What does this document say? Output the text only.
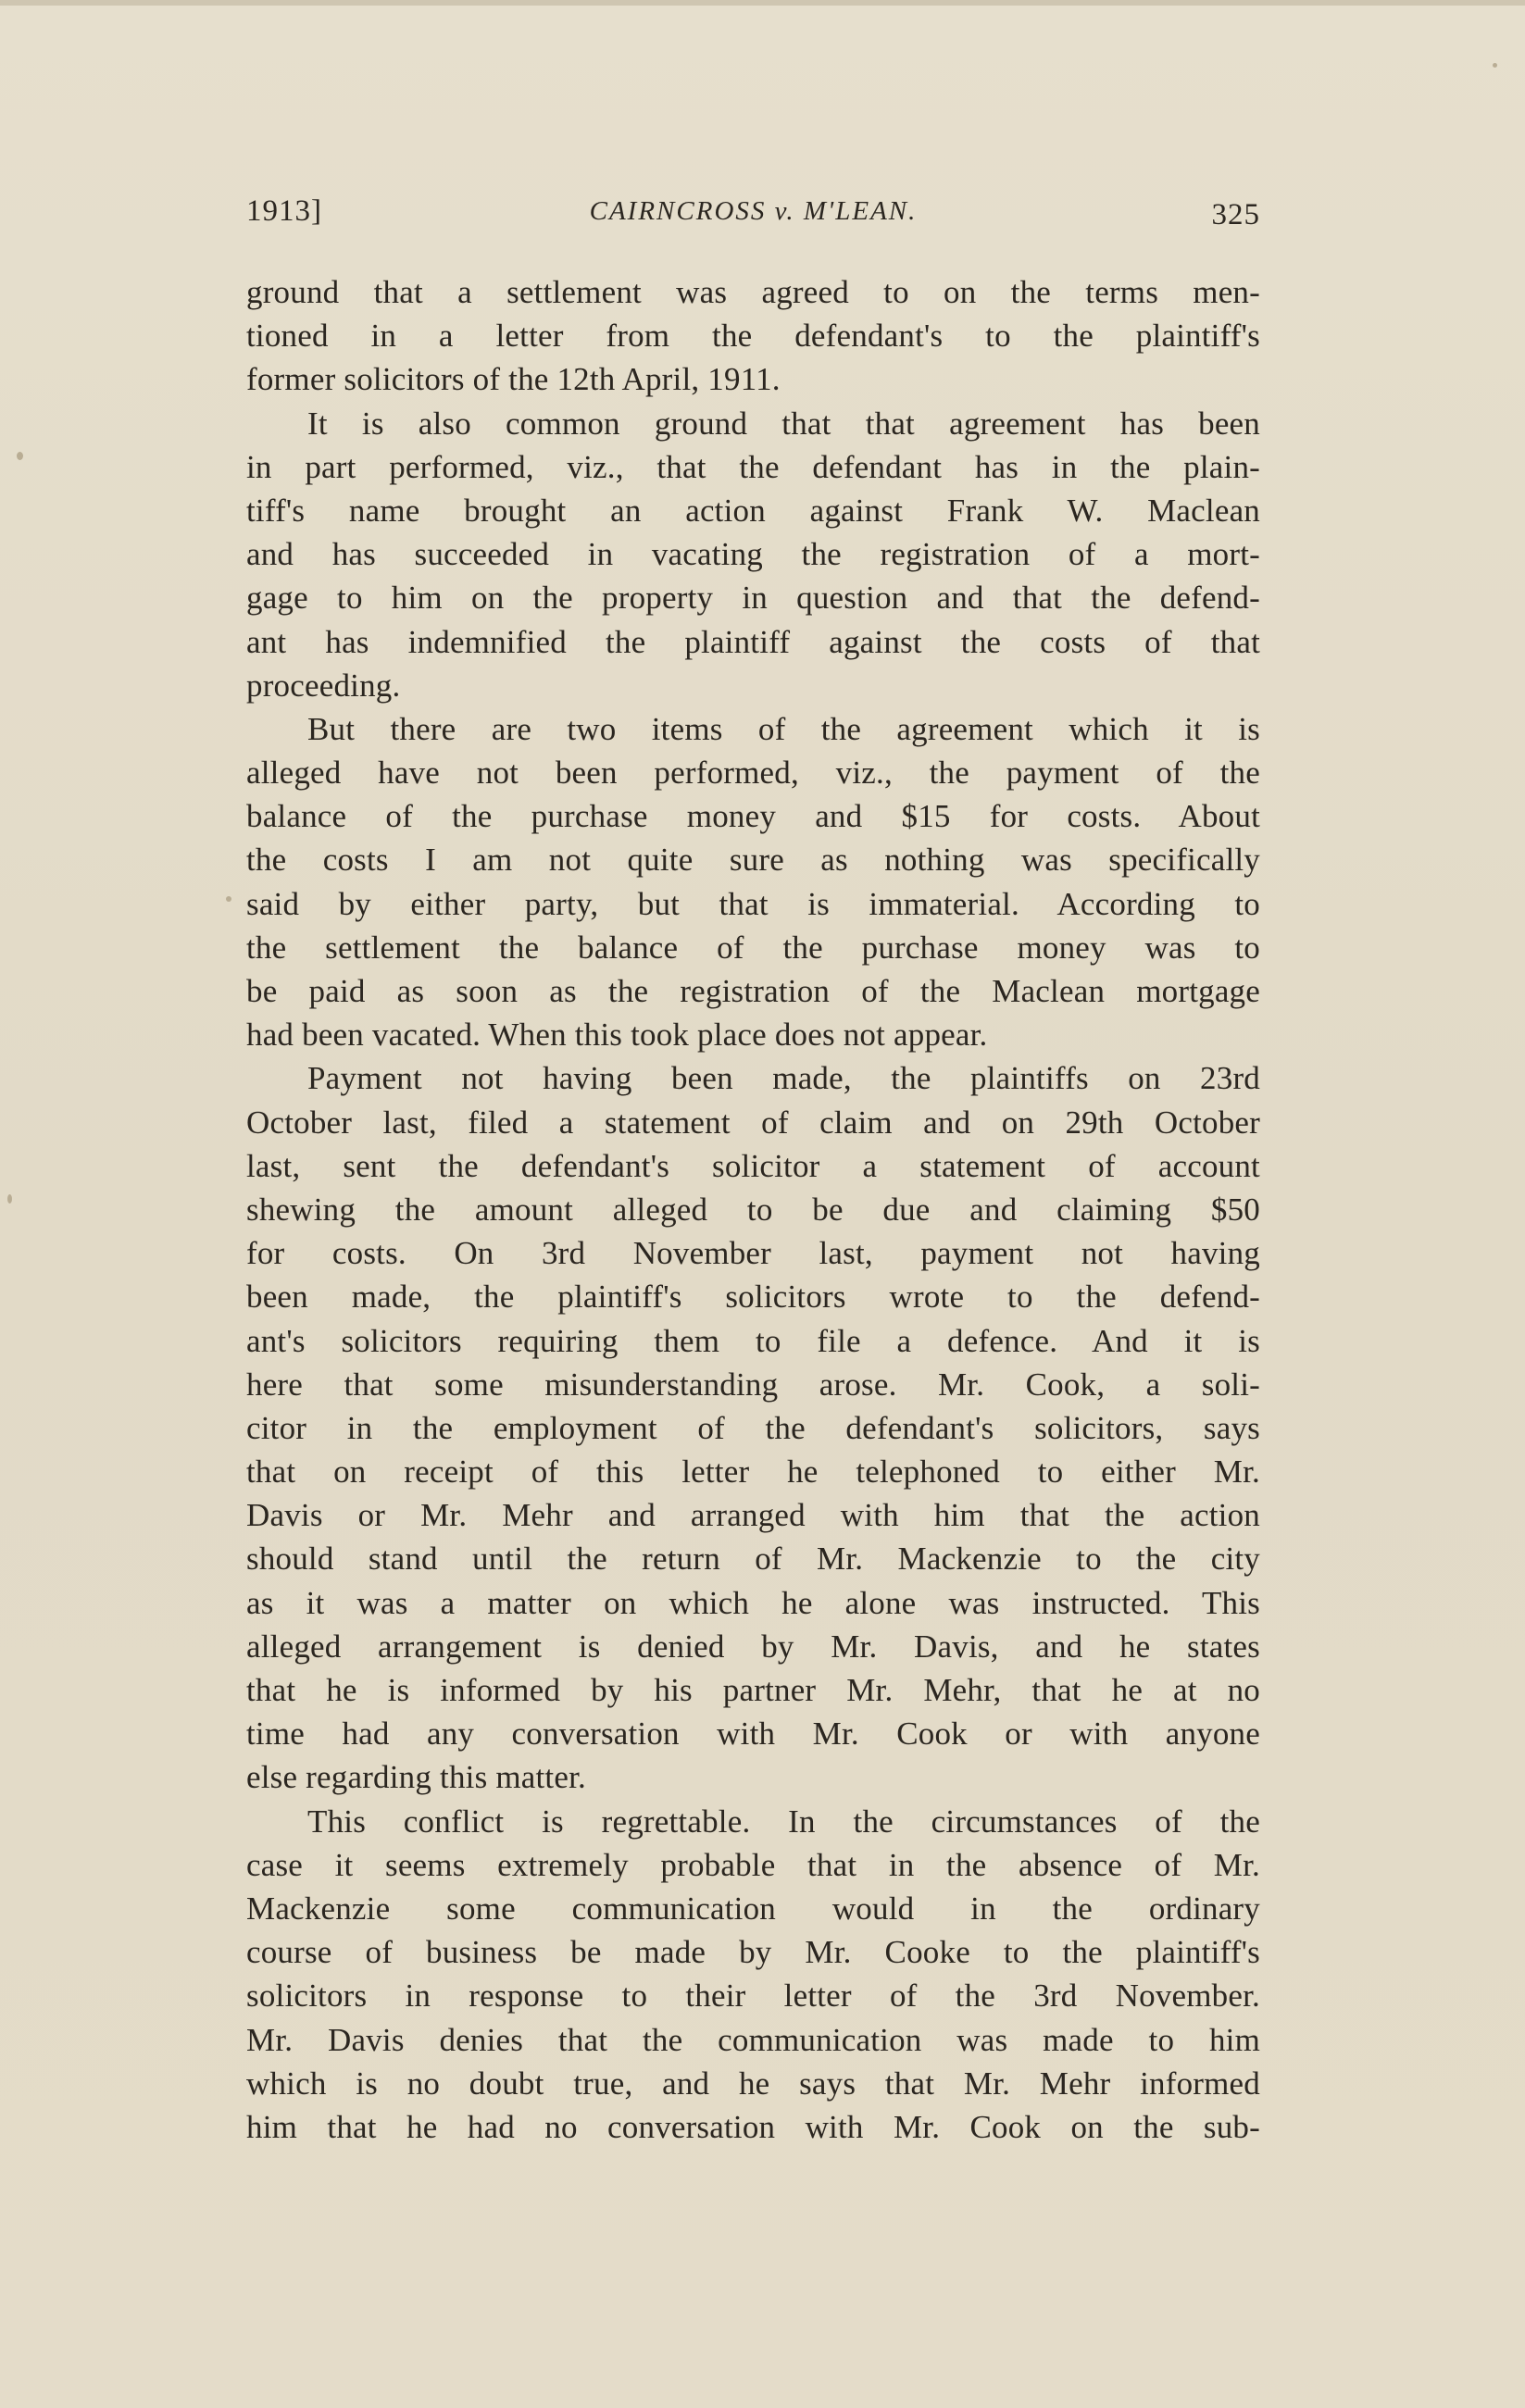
1913]	CAIRNCROSS v. M'LEAN.	325
ground that a settlement was agreed to on the terms men-
tioned in a letter from the defendant's to the plaintiff's
former solicitors of the 12th April, 1911.
It is also common ground that that agreement has been
in part performed, viz., that the defendant has in the plain-
tiff's name brought an action against Frank W. Maclean
and has succeeded in vacating the registration of a mort-
gage to him on the property in question and that the defend-
ant has indemnified the plaintiff against the costs of that
proceeding.
But there are two items of the agreement which it is
alleged have not been performed, viz., the payment of the
balance of the purchase money and $15 for costs. About
the costs I am not quite sure as nothing was specifically
said by either party, but that is immaterial. According to
the settlement the balance of the purchase money was to
be paid as soon as the registration of the Maclean mortgage
had been vacated. When this took place does not appear.
Payment not having been made, the plaintiffs on 23rd
October last, filed a statement of claim and on 29th October
last, sent the defendant's solicitor a statement of account
shewing the amount alleged to be due and claiming $50
for costs. On 3rd November last, payment not having
been made, the plaintiff's solicitors wrote to the defend-
ant's solicitors requiring them to file a defence. And it is
here that some misunderstanding arose. Mr. Cook, a soli-
citor in the employment of the defendant's solicitors, says
that on receipt of this letter he telephoned to either Mr.
Davis or Mr. Mehr and arranged with him that the action
should stand until the return of Mr. Mackenzie to the city
as it was a matter on which he alone was instructed. This
alleged arrangement is denied by Mr. Davis, and he states
that he is informed by his partner Mr. Mehr, that he at no
time had any conversation with Mr. Cook or with anyone
else regarding this matter.
This conflict is regrettable. In the circumstances of the
case it seems extremely probable that in the absence of Mr.
Mackenzie some communication would in the ordinary
course of business be made by Mr. Cooke to the plaintiff's
solicitors in response to their letter of the 3rd November.
Mr. Davis denies that the communication was made to him
which is no doubt true, and he says that Mr. Mehr informed
him that he had no conversation with Mr. Cook on the sub-
